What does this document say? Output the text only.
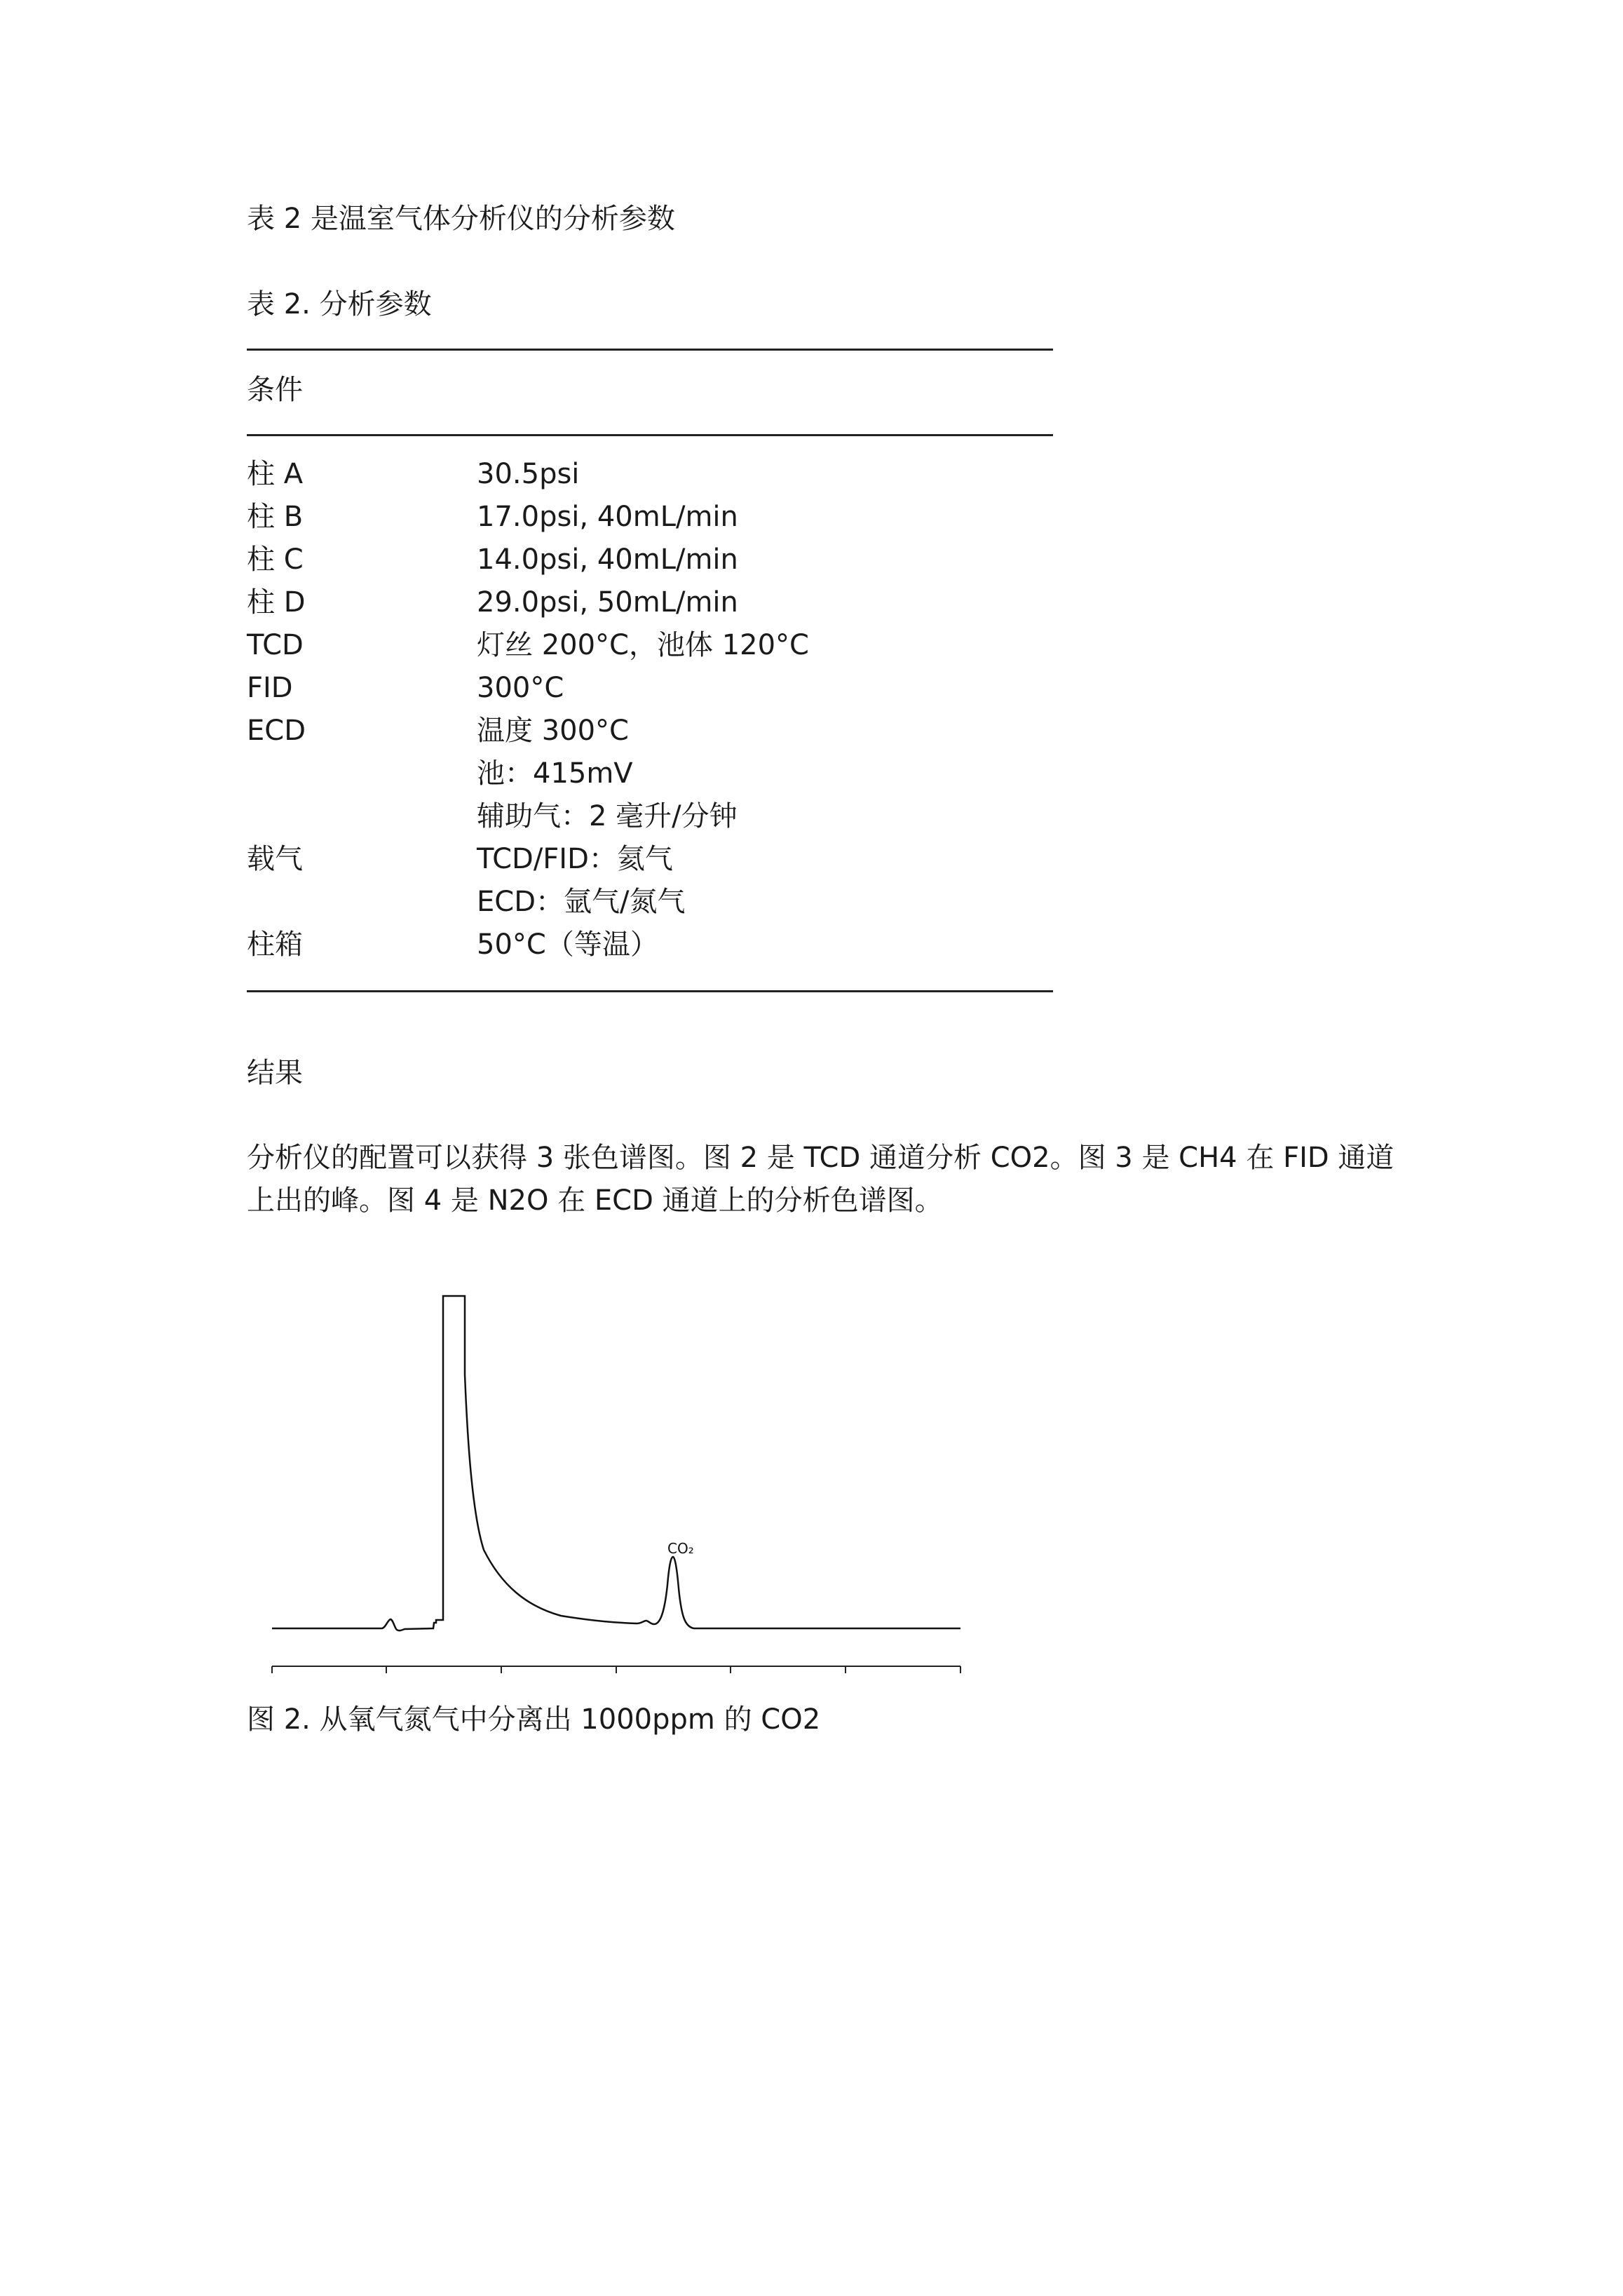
表 2 是温室气体分析仪的分析参数
表 2. 分析参数
条件
柱 A	30.5psi
柱 B	17.0psi, 40mL/min
柱 C	14.0psi, 40mL/min
柱 D	29.0psi, 50mL/min
TCD	灯丝 200°C，池体 120°C
FID	300°C
ECD	温度 300°C
池：415mV
辅助气：2 毫升/分钟
载气	TCD/FID：氦气
ECD：氩气/氮气
柱箱	50°C（等温）
结果
分析仪的配置可以获得 3 张色谱图。图 2 是 TCD 通道分析 CO2。图 3 是 CH4 在 FID 通道上出的峰。图 4 是 N2O 在 ECD 通道上的分析色谱图。
CO₂
图 2. 从氧气氮气中分离出 1000ppm 的 CO2
